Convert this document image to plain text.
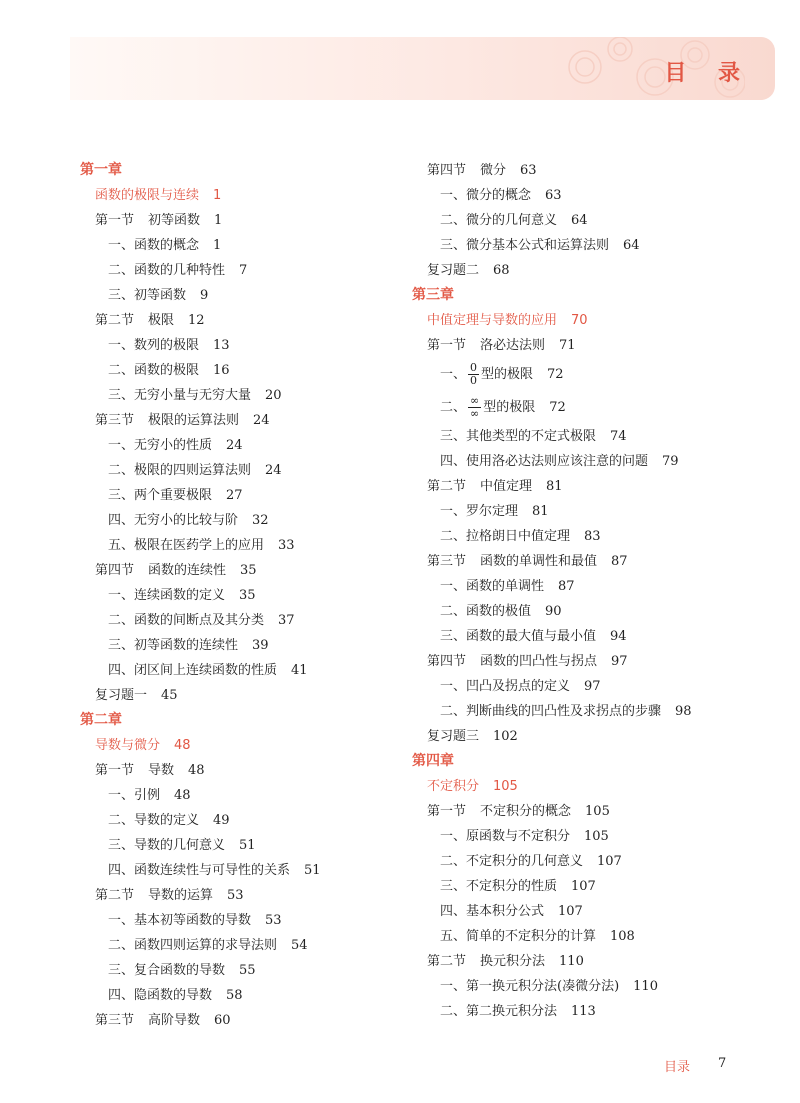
目 录
第一章
函数的极限与连续 1
第一节 初等函数 1
一、函数的概念 1
二、函数的几种特性 7
三、初等函数 9
第二节 极限 12
一、数列的极限 13
二、函数的极限 16
三、无穷小量与无穷大量 20
第三节 极限的运算法则 24
一、无穷小的性质 24
二、极限的四则运算法则 24
三、两个重要极限 27
四、无穷小的比较与阶 32
五、极限在医药学上的应用 33
第四节 函数的连续性 35
一、连续函数的定义 35
二、函数的间断点及其分类 37
三、初等函数的连续性 39
四、闭区间上连续函数的性质 41
复习题一 45
第二章
导数与微分 48
第一节 导数 48
一、引例 48
二、导数的定义 49
三、导数的几何意义 51
四、函数连续性与可导性的关系 51
第二节 导数的运算 53
一、基本初等函数的导数 53
二、函数四则运算的求导法则 54
三、复合函数的导数 55
四、隐函数的导数 58
第三节 高阶导数 60
第四节 微分 63
一、微分的概念 63
二、微分的几何意义 64
三、微分基本公式和运算法则 64
复习题二 68
第三章
中值定理与导数的应用 70
第一节 洛必达法则 71
一、 $\frac{0}{0}$ 型的极限 72
二、 $\frac{\infty}{\infty}$ 型的极限 72
三、其他类型的不定式极限 74
四、使用洛必达法则应该注意的问题 79
第二节 中值定理 81
一、罗尔定理 81
二、拉格朗日中值定理 83
第三节 函数的单调性和最值 87
一、函数的单调性 87
二、函数的极值 90
三、函数的最大值与最小值 94
第四节 函数的凹凸性与拐点 97
一、凹凸及拐点的定义 97
二、判断曲线的凹凸性及求拐点的步骤 98
复习题三 102
第四章
不定积分 105
第一节 不定积分的概念 105
一、原函数与不定积分 105
二、不定积分的几何意义 107
三、不定积分的性质 107
四、基本积分公式 107
五、简单的不定积分的计算 108
第二节 换元积分法 110
一、第一换元积分法(凑微分法) 110
二、第二换元积分法 113
目录 7
